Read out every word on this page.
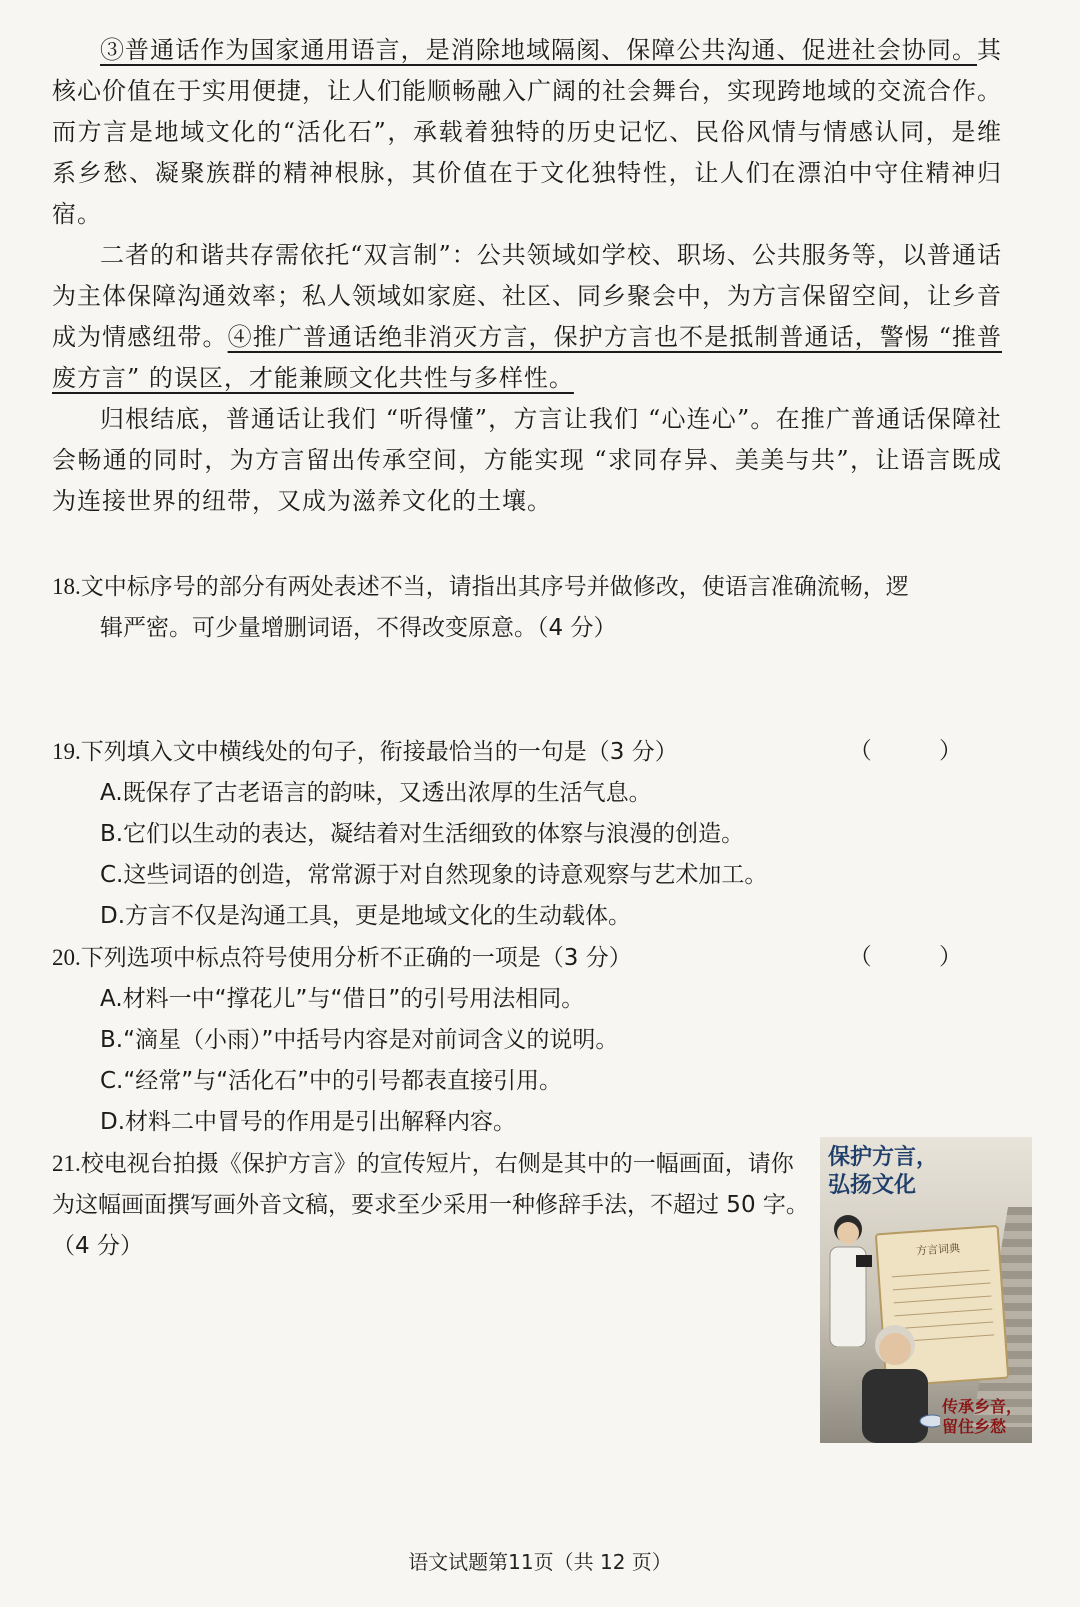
③普通话作为国家通用语言，是消除地域隔阂、保障公共沟通、促进社会协同。其核心价值在于实用便捷，让人们能顺畅融入广阔的社会舞台，实现跨地域的交流合作。而方言是地域文化的“活化石”，承载着独特的历史记忆、民俗风情与情感认同，是维系乡愁、凝聚族群的精神根脉，其价值在于文化独特性，让人们在漂泊中守住精神归宿。

二者的和谐共存需依托“双言制”：公共领域如学校、职场、公共服务等，以普通话为主体保障沟通效率；私人领域如家庭、社区、同乡聚会中，为方言保留空间，让乡音成为情感纽带。④推广普通话绝非消灭方言，保护方言也不是抵制普通话，警惕 “推普废方言” 的误区，才能兼顾文化共性与多样性。

归根结底，普通话让我们 “听得懂”，方言让我们 “心连心”。在推广普通话保障社会畅通的同时，为方言留出传承空间，方能实现 “求同存异、美美与共”，让语言既成为连接世界的纽带，又成为滋养文化的土壤。

18.文中标序号的部分有两处表述不当，请指出其序号并做修改，使语言准确流畅，逻
辑严密。可少量增删词语，不得改变原意。（4 分）
19.下列填入文中横线处的句子，衔接最恰当的一句是（3 分）	（ ）

A.既保存了古老语言的韵味，又透出浓厚的生活气息。

B.它们以生动的表达，凝结着对生活细致的体察与浪漫的创造。

C.这些词语的创造，常常源于对自然现象的诗意观察与艺术加工。

D.方言不仅是沟通工具，更是地域文化的生动载体。

20.下列选项中标点符号使用分析不正确的一项是（3 分）	（ ）

A.材料一中“撑花儿”与“借日”的引号用法相同。

B.“滴星（小雨）”中括号内容是对前词含义的说明。

C.“经常”与“活化石”中的引号都表直接引用。

D.材料二中冒号的作用是引出解释内容。

21.校电视台拍摄《保护方言》的宣传短片，右侧是其中的一幅画面，请你为这幅画面撰写画外音文稿，要求至少采用一种修辞手法，不超过 50 字。（4 分）	方言词典
保护方言，
弘扬文化
传承乡音，
留住乡愁
语文试题第11页（共 12 页）
